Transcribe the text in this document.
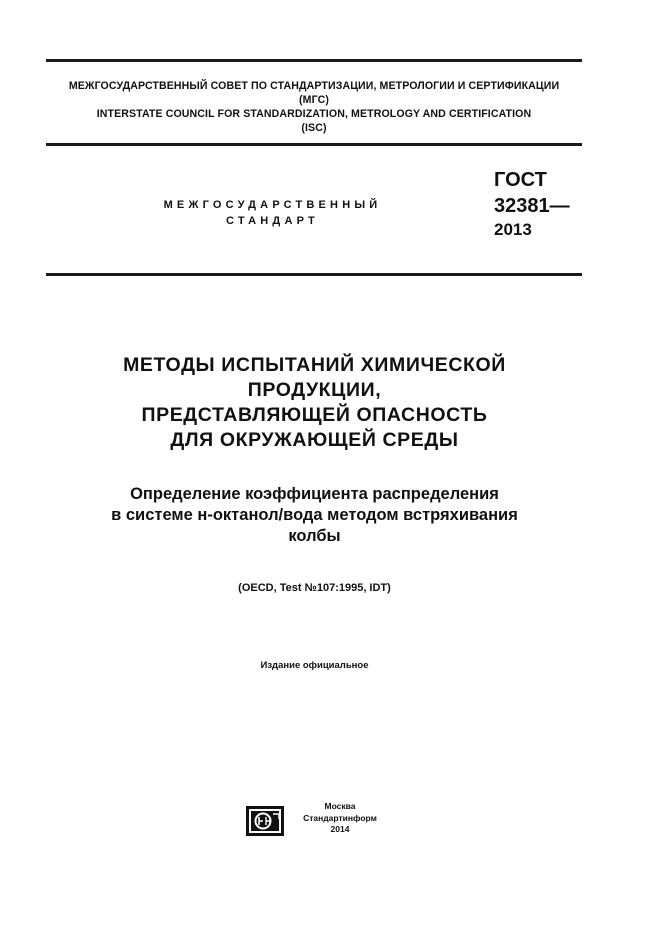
МЕЖГОСУДАРСТВЕННЫЙ СОВЕТ ПО СТАНДАРТИЗАЦИИ, МЕТРОЛОГИИ И СЕРТИФИКАЦИИ
(МГС)
INTERSTATE COUNCIL FOR STANDARDIZATION, METROLOGY AND CERTIFICATION
(ISC)
МЕЖГОСУДАРСТВЕННЫЙ
СТАНДАРТ
ГОСТ
32381—
2013
МЕТОДЫ ИСПЫТАНИЙ ХИМИЧЕСКОЙ
ПРОДУКЦИИ,
ПРЕДСТАВЛЯЮЩЕЙ ОПАСНОСТЬ
ДЛЯ ОКРУЖАЮЩЕЙ СРЕДЫ
Определение коэффициента распределения
в системе н-октанол/вода методом встряхивания
колбы
(OECD, Test №107:1995, IDT)
Издание официальное
Москва
Стандартинформ
2014
